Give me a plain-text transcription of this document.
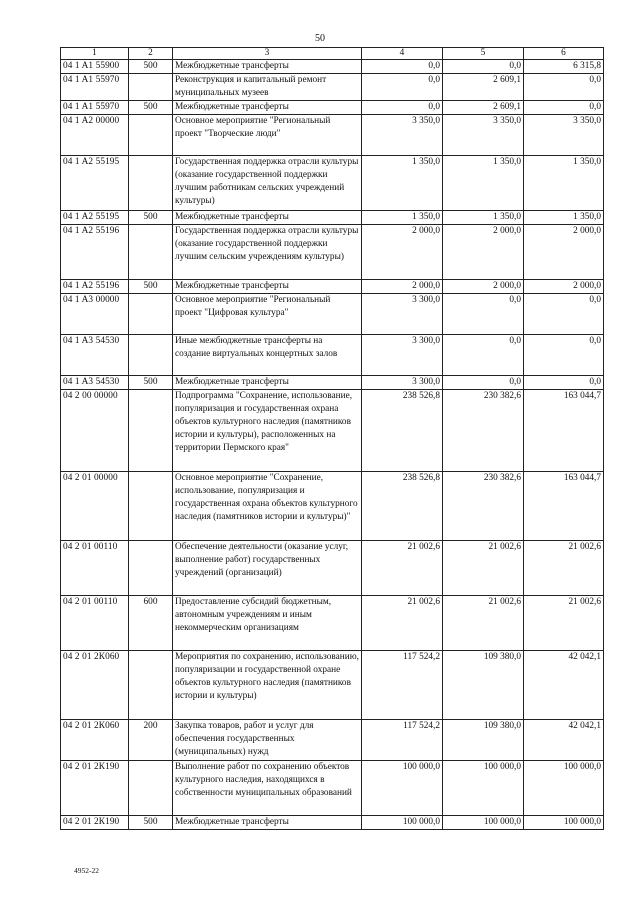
50
1	2	3	4	5	6
04 1 A1 55900	500	Межбюджетные трансферты	0,0	0,0	6 315,8
04 1 A1 55970		Реконструкция и капитальный ремонт муниципальных музеев	0,0	2 609,1	0,0
04 1 A1 55970	500	Межбюджетные трансферты	0,0	2 609,1	0,0
04 1 A2 00000		Основное мероприятие "Региональный проект "Творческие люди"	3 350,0	3 350,0	3 350,0
04 1 A2 55195		Государственная поддержка отрасли культуры (оказание государственной поддержки лучшим работникам сельских учреждений культуры)	1 350,0	1 350,0	1 350,0
04 1 A2 55195	500	Межбюджетные трансферты	1 350,0	1 350,0	1 350,0
04 1 A2 55196		Государственная поддержка отрасли культуры (оказание государственной поддержки лучшим сельским учреждениям культуры)	2 000,0	2 000,0	2 000,0
04 1 A2 55196	500	Межбюджетные трансферты	2 000,0	2 000,0	2 000,0
04 1 A3 00000		Основное мероприятие "Региональный проект "Цифровая культура"	3 300,0	0,0	0,0
04 1 A3 54530		Иные межбюджетные трансферты на создание виртуальных концертных залов	3 300,0	0,0	0,0
04 1 A3 54530	500	Межбюджетные трансферты	3 300,0	0,0	0,0
04 2 00 00000		Подпрограмма "Сохранение, использование, популяризация и государственная охрана объектов культурного наследия (памятников истории и культуры), расположенных на территории Пермского края"	238 526,8	230 382,6	163 044,7
04 2 01 00000		Основное мероприятие "Сохранение, использование, популяризация и государственная охрана объектов культурного наследия (памятников истории и культуры)"	238 526,8	230 382,6	163 044,7
04 2 01 00110		Обеспечение деятельности (оказание услуг, выполнение работ) государственных учреждений (организаций)	21 002,6	21 002,6	21 002,6
04 2 01 00110	600	Предоставление субсидий бюджетным, автономным учреждениям и иным некоммерческим организациям	21 002,6	21 002,6	21 002,6
04 2 01 2К060		Мероприятия по сохранению, использованию, популяризации и государственной охране объектов культурного наследия (памятников истории и культуры)	117 524,2	109 380,0	42 042,1
04 2 01 2К060	200	Закупка товаров, работ и услуг для обеспечения государственных (муниципальных) нужд	117 524,2	109 380,0	42 042,1
04 2 01 2К190		Выполнение работ по сохранению объектов культурного наследия, находящихся в собственности муниципальных образований	100 000,0	100 000,0	100 000,0
04 2 01 2К190	500	Межбюджетные трансферты	100 000,0	100 000,0	100 000,0
4952-22
